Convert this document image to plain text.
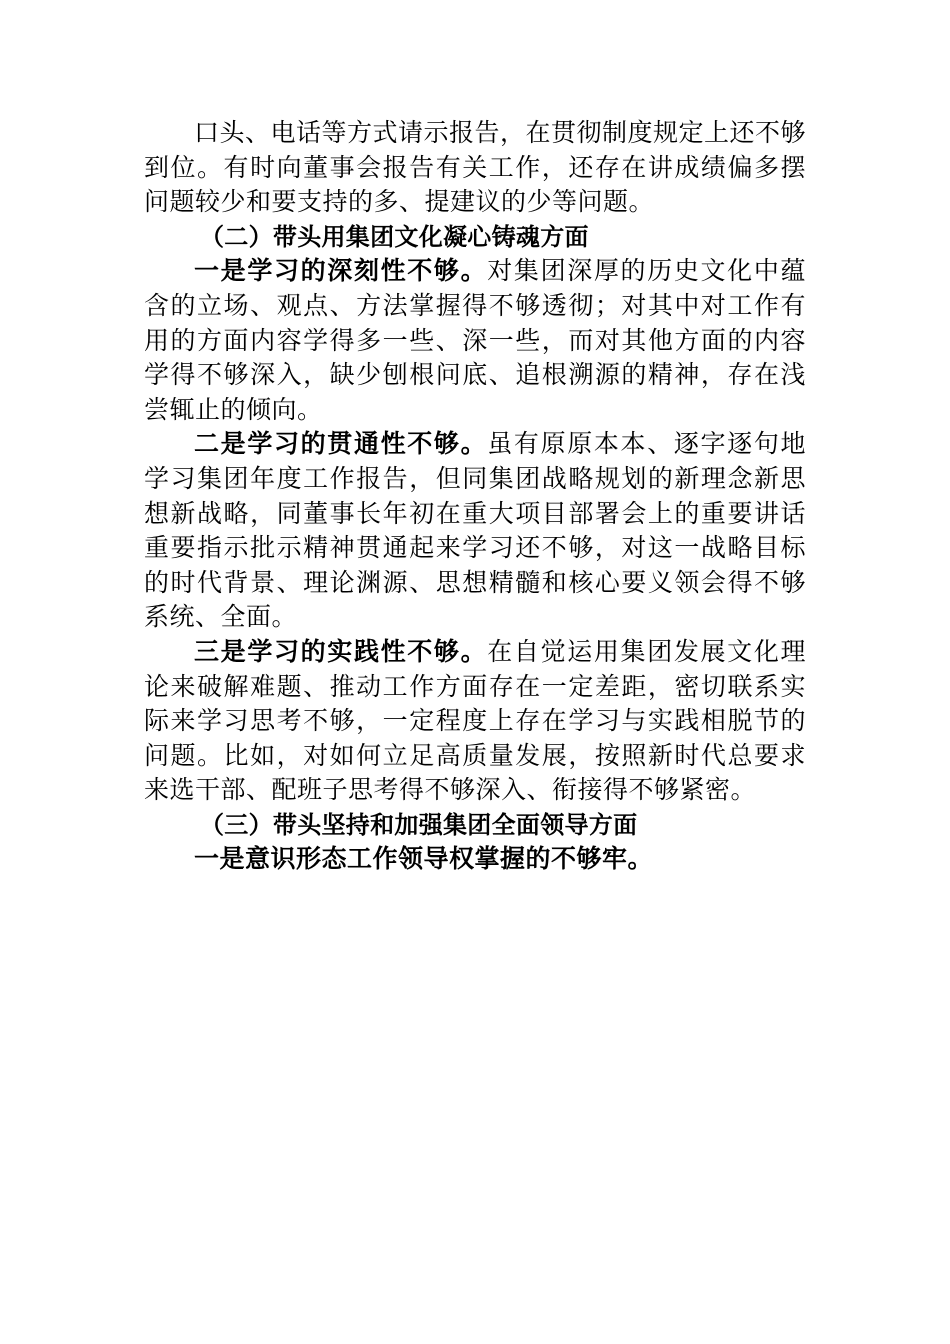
口头、电话等方式请示报告，在贯彻制度规定上还不够到位。有时向董事会报告有关工作，还存在讲成绩偏多摆问题较少和要支持的多、提建议的少等问题。

（二）带头用集团文化凝心铸魂方面

一是学习的深刻性不够。对集团深厚的历史文化中蕴含的立场、观点、方法掌握得不够透彻；对其中对工作有用的方面内容学得多一些、深一些，而对其他方面的内容学得不够深入，缺少刨根问底、追根溯源的精神，存在浅尝辄止的倾向。

二是学习的贯通性不够。虽有原原本本、逐字逐句地学习集团年度工作报告，但同集团战略规划的新理念新思想新战略，同董事长年初在重大项目部署会上的重要讲话重要指示批示精神贯通起来学习还不够，对这一战略目标的时代背景、理论渊源、思想精髓和核心要义领会得不够系统、全面。

三是学习的实践性不够。在自觉运用集团发展文化理论来破解难题、推动工作方面存在一定差距，密切联系实际来学习思考不够，一定程度上存在学习与实践相脱节的问题。比如，对如何立足高质量发展，按照新时代总要求来选干部、配班子思考得不够深入、衔接得不够紧密。

（三）带头坚持和加强集团全面领导方面

一是意识形态工作领导权掌握的不够牢。
